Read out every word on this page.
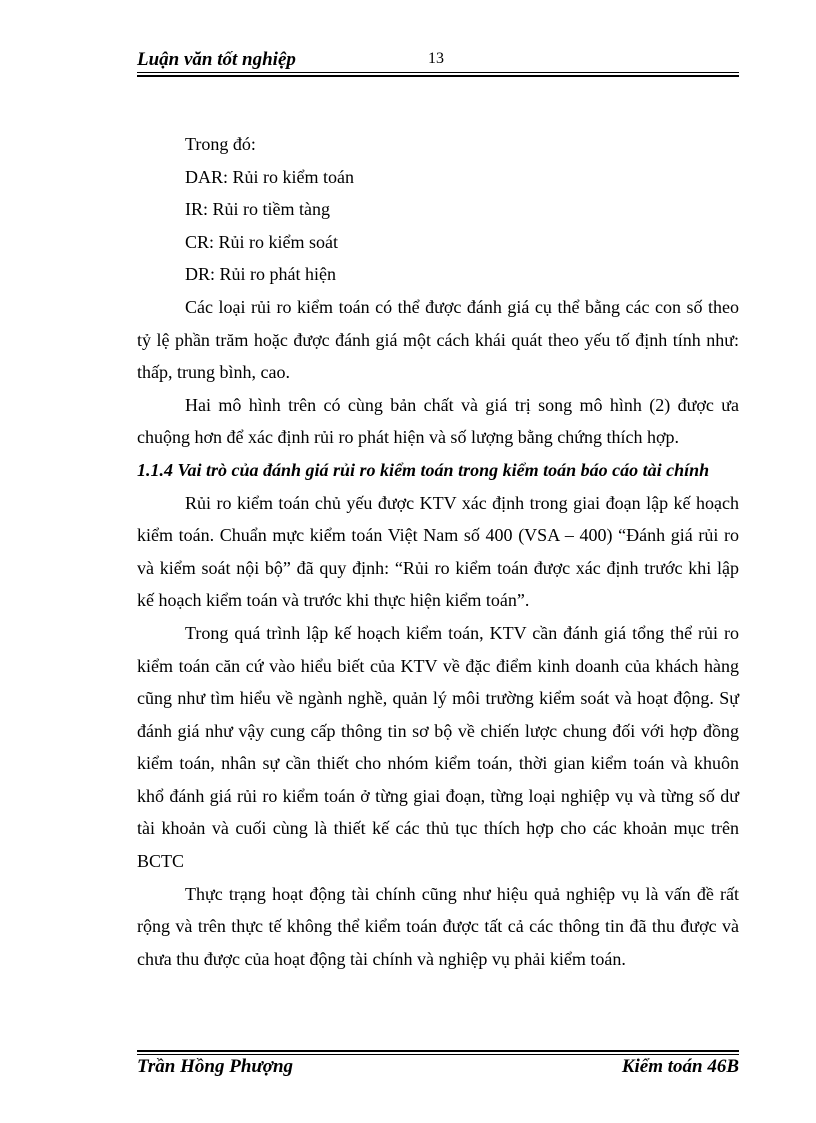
Luận văn tốt nghiệp	13

Trong đó:

DAR: Rủi ro kiểm toán

IR: Rủi ro tiềm tàng

CR: Rủi ro kiểm soát

DR: Rủi ro phát hiện

Các loại rủi ro kiểm toán có thể được đánh giá cụ thể bằng các con số theo tỷ lệ phần trăm hoặc được đánh giá một cách khái quát theo yếu tố định tính như: thấp, trung bình, cao.

Hai mô hình trên có cùng bản chất và giá trị song mô hình (2) được ưa chuộng hơn để xác định rủi ro phát hiện và số lượng bằng chứng thích hợp.

1.1.4 Vai trò của đánh giá rủi ro kiểm toán trong kiểm toán báo cáo tài chính

Rủi ro kiểm toán chủ yếu được KTV xác định trong giai đoạn lập kế hoạch kiểm toán. Chuẩn mực kiểm toán Việt Nam số 400 (VSA – 400) “Đánh giá rủi ro và kiểm soát nội bộ” đã quy định: “Rủi ro kiểm toán được xác định trước khi lập kế hoạch kiểm toán và trước khi thực hiện kiểm toán”.

Trong quá trình lập kế hoạch kiểm toán, KTV cần đánh giá tổng thể rủi ro kiểm toán căn cứ vào hiểu biết của KTV về đặc điểm kinh doanh của khách hàng cũng như tìm hiểu về ngành nghề, quản lý môi trường kiểm soát và hoạt động. Sự đánh giá như vậy cung cấp thông tin sơ bộ về chiến lược chung đối với hợp đồng kiểm toán, nhân sự cần thiết cho nhóm kiểm toán, thời gian kiểm toán và khuôn khổ đánh giá rủi ro kiểm toán ở từng giai đoạn, từng loại nghiệp vụ và từng số dư tài khoản và cuối cùng là thiết kế các thủ tục thích hợp cho các khoản mục trên BCTC

Thực trạng hoạt động tài chính cũng như hiệu quả nghiệp vụ là vấn đề rất rộng và trên thực tế không thể kiểm toán được tất cả các thông tin đã thu được và chưa thu được của hoạt động tài chính và nghiệp vụ phải kiểm toán.

Trần Hồng Phượng	Kiểm toán 46B
